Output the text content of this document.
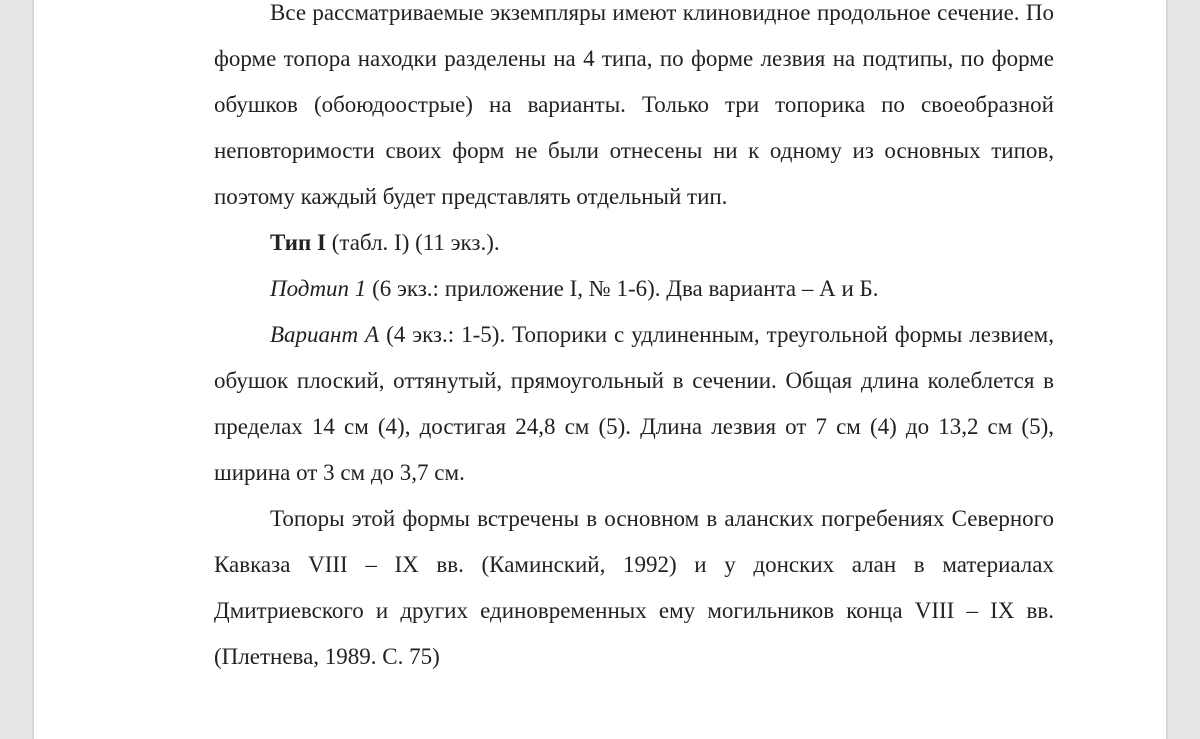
Все рассматриваемые экземпляры имеют клиновидное продольное сечение. По форме топора находки разделены на 4 типа, по форме лезвия на подтипы, по форме обушков (обоюдоострые) на варианты. Только три топорика по своеобразной неповторимости своих форм не были отнесены ни к одному из основных типов, поэтому каждый будет представлять отдельный тип.

Тип I (табл. I) (11 экз.).

Подтип 1 (6 экз.: приложение I, № 1-6). Два варианта – А и Б.

Вариант А (4 экз.: 1-5). Топорики с удлиненным, треугольной формы лезвием, обушок плоский, оттянутый, прямоугольный в сечении. Общая длина колеблется в пределах 14 см (4), достигая 24,8 см (5). Длина лезвия от 7 см (4) до 13,2 см (5), ширина от 3 см до 3,7 см.

Топоры этой формы встречены в основном в аланских погребениях Северного Кавказа VIII – IX вв. (Каминский, 1992) и у донских алан в материалах Дмитриевского и других единовременных ему могильников конца VIII – IX вв. (Плетнева, 1989. С. 75)
